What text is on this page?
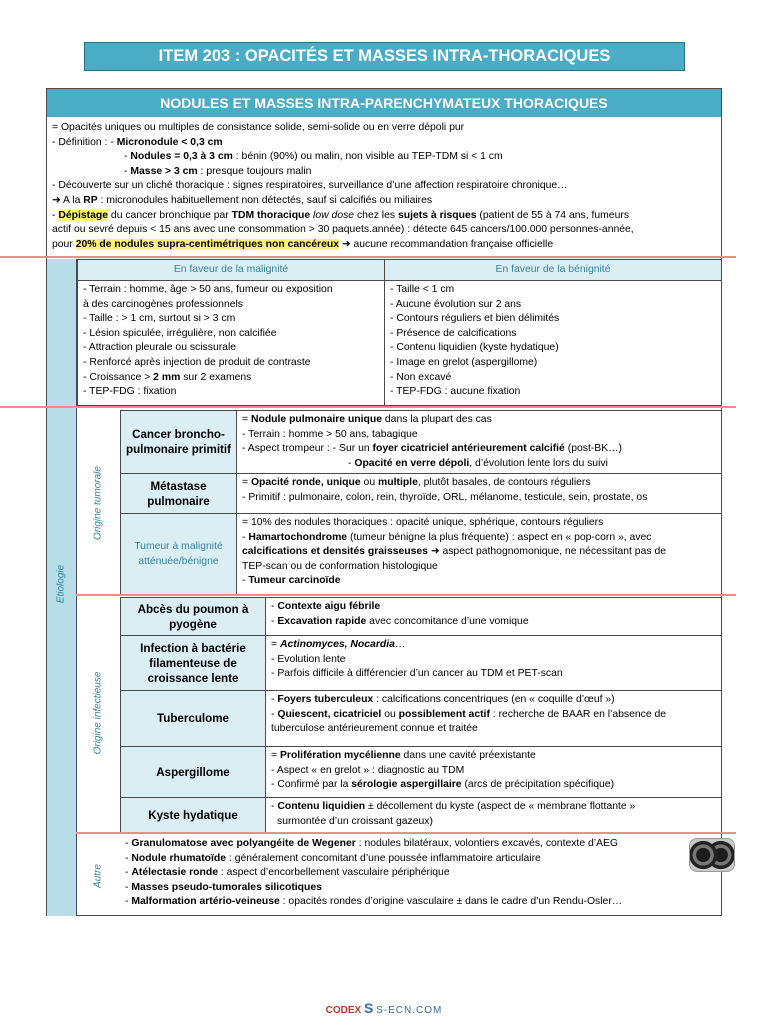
ITEM 203 : OPACITÉS ET MASSES INTRA-THORACIQUES
NODULES ET MASSES INTRA-PARENCHYMATEUX THORACIQUES
= Opacités uniques ou multiples de consistance solide, semi-solide ou en verre dépoli pur
- Définition : - Micronodule < 0,3 cm
- Nodules = 0,3 à 3 cm : bénin (90%) ou malin, non visible au TEP-TDM si < 1 cm
- Masse > 3 cm : presque toujours malin
- Découverte sur un cliché thoracique : signes respiratoires, surveillance d’une affection respiratoire chronique…
➜ A la RP : micronodules habituellement non détectés, sauf si calcifiés ou miliaires
- Dépistage du cancer bronchique par TDM thoracique low dose chez les sujets à risques (patient de 55 à 74 ans, fumeurs
actif ou sevré depuis < 15 ans avec une consommation > 30 paquets.année) : détecte 645 cancers/100.000 personnes-année,
pour 20% de nodules supra-centimétriques non cancéreux ➜ aucune recommandation française officielle
Etiologie
Origine tumorale
Origine infectieuse
Autre
En faveur de la malignité	En faveur de la bénignité
- Terrain : homme, âge > 50 ans, fumeur ou exposition
à des carcinogènes professionnels
- Taille : > 1 cm, surtout si > 3 cm
- Lésion spiculée, irrégulière, non calcifiée
- Attraction pleurale ou scissurale
- Renforcé après injection de produit de contraste
- Croissance > 2 mm sur 2 examens
- TEP-FDG : fixation
- Taille < 1 cm
- Aucune évolution sur 2 ans
- Contours réguliers et bien délimités
- Présence de calcifications
- Contenu liquidien (kyste hydatique)
- Image en grelot (aspergillome)
- Non excavé
- TEP-FDG : aucune fixation
Cancer broncho-pulmonaire primitif
= Nodule pulmonaire unique dans la plupart des cas
- Terrain : homme > 50 ans, tabagique
- Aspect trompeur : - Sur un foyer cicatriciel antérieurement calcifié (post-BK…)
- Opacité en verre dépoli, d’évolution lente lors du suivi
Métastase pulmonaire
= Opacité ronde, unique ou multiple, plutôt basales, de contours réguliers
- Primitif : pulmonaire, colon, rein, thyroïde, ORL, mélanome, testicule, sein, prostate, os
Tumeur à malignité atténuée/bénigne
= 10% des nodules thoraciques : opacité unique, sphérique, contours réguliers
- Hamartochondrome (tumeur bénigne la plus fréquente) : aspect en « pop-corn », avec
calcifications et densités graisseuses ➜ aspect pathognomonique, ne nécessitant pas de
TEP-scan ou de conformation histologique
- Tumeur carcinoïde
Abcès du poumon à pyogène
- Contexte aigu fébrile
- Excavation rapide avec concomitance d’une vomique
Infection à bactérie filamenteuse de croissance lente
= Actinomyces, Nocardia…
- Evolution lente
- Parfois difficile à différencier d’un cancer au TDM et PET-scan
Tuberculome
- Foyers tuberculeux : calcifications concentriques (en « coquille d’œuf »)
- Quiescent, cicatriciel ou possiblement actif : recherche de BAAR en l’absence de
tuberculose antérieurement connue et traitée
Aspergillome
= Prolifération mycélienne dans une cavité préexistante
- Aspect « en grelot » : diagnostic au TDM
- Confirmé par la sérologie aspergillaire (arcs de précipitation spécifique)
Kyste hydatique
- Contenu liquidien ± décollement du kyste (aspect de « membrane flottante »
surmontée d’un croissant gazeux)
- Granulomatose avec polyangéite de Wegener : nodules bilatéraux, volontiers excavés, contexte d’AEG
- Nodule rhumatoïde : généralement concomitant d’une poussée inflammatoire articulaire
- Atélectasie ronde : aspect d’encorbellement vasculaire périphérique
- Masses pseudo-tumorales silicotiques
- Malformation artério-veineuse : opacités rondes d’origine vasculaire ± dans le cadre d’un Rendu-Osler…
CODEX S S-ECN.COM
